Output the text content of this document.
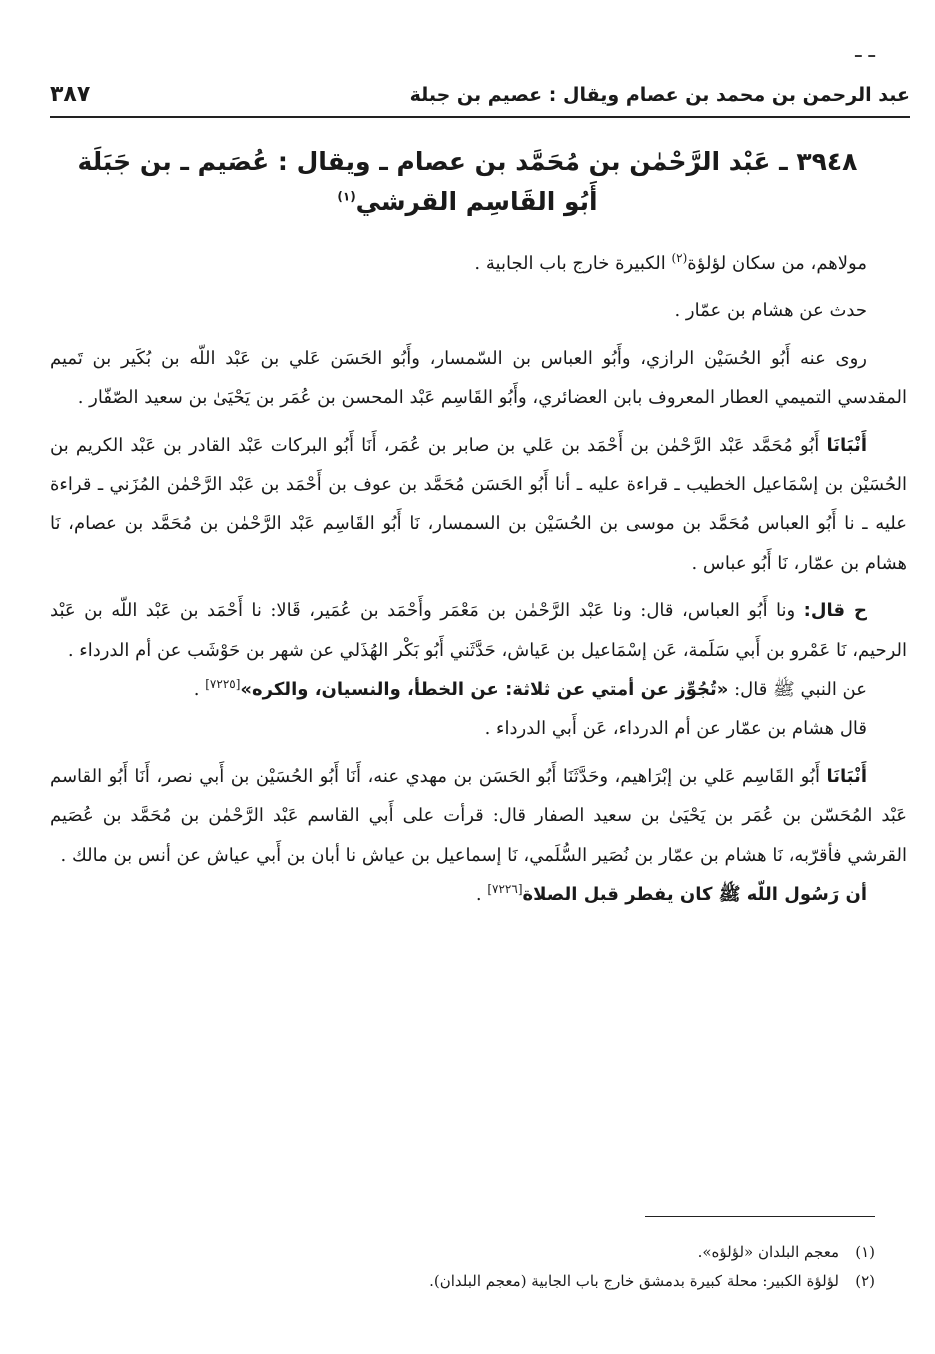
ـ ـ
عبد الرحمن بن محمد بن عصام ويقال : عصيم بن جبلة
٣٨٧
٣٩٤٨ ـ عَبْد الرَّحْمٰن بن مُحَمَّد بن عصام ـ ويقال : عُصَيم ـ بن جَبَلَة
أَبُو القَاسِم القرشي$^{(١)}$

مولاهم، من سكان لؤلؤة$^{(٢)}$ الكبيرة خارج باب الجابية .

حدث عن هشام بن عمّار .

روى عنه أَبُو الحُسَيْن الرازي، وأَبُو العباس بن السّمسار، وأَبُو الحَسَن عَلي بن عَبْد اللّه بن بُكَير بن تَميم المقدسي التميمي العطار المعروف بابن العضائري، وأَبُو القَاسِم عَبْد المحسن بن عُمَر بن يَحْيَىٰ بن سعيد الصّفّار .

أَنْبَانَا أَبُو مُحَمَّد عَبْد الرَّحْمٰن بن أَحْمَد بن عَلي بن صابر بن عُمَر، أَنَا أَبُو البركات عَبْد القادر بن عَبْد الكريم بن الحُسَيْن بن إسْمَاعيل الخطيب ـ قراءة عليه ـ أنا أَبُو الحَسَن مُحَمَّد بن عوف بن أَحْمَد بن عَبْد الرَّحْمٰن المُزَني ـ قراءة عليه ـ نا أَبُو العباس مُحَمَّد بن موسى بن الحُسَيْن بن السمسار، نَا أَبُو القَاسِم عَبْد الرَّحْمٰن بن مُحَمَّد بن عصام، نَا هشام بن عمّار، نَا أَبُو عباس .

ح قال: ونا أَبُو العباس، قال: ونا عَبْد الرَّحْمٰن بن مَعْمَر وأَحْمَد بن عُمَير، قَالا: نا أَحْمَد بن عَبْد اللّه بن عَبْد الرحيم، نَا عَمْرو بن أَبي سَلَمة، عَن إسْمَاعيل بن عَياش، حَدَّثَني أَبُو بَكْر الهُذَلي عن شهر بن حَوْشَب عن أم الدرداء .

عن النبي ﷺ قال: «تُجُوِّز عن أمتي عن ثلاثة: عن الخطأ، والنسيان، والكره»[٧٢٢٥] .

قال هشام بن عمّار عن أم الدرداء، عَن أَبي الدرداء .

أَنْبَانَا أَبُو القَاسِم عَلي بن إبْرَاهيم، وحَدَّثَنَا أَبُو الحَسَن بن مهدي عنه، أَنَا أَبُو الحُسَيْن بن أَبي نصر، أَنَا أَبُو القاسم عَبْد المُحَسّن بن عُمَر بن يَحْيَىٰ بن سعيد الصفار قال: قرأت على أَبي القاسم عَبْد الرَّحْمٰن بن مُحَمَّد بن عُصَيم القرشي فأقرّبه، نَا هشام بن عمّار بن نُصَير السُّلَمي، نَا إسماعيل بن عياش نا أبان بن أَبي عياش عن أنس بن مالك .

أن رَسُول اللّه ﷺ كان يفطر قبل الصلاة[٧٢٢٦] .

(١)معجم البلدان «لؤلؤه».

(٢)لؤلؤة الكبير: محلة كبيرة بدمشق خارج باب الجابية (معجم البلدان).
